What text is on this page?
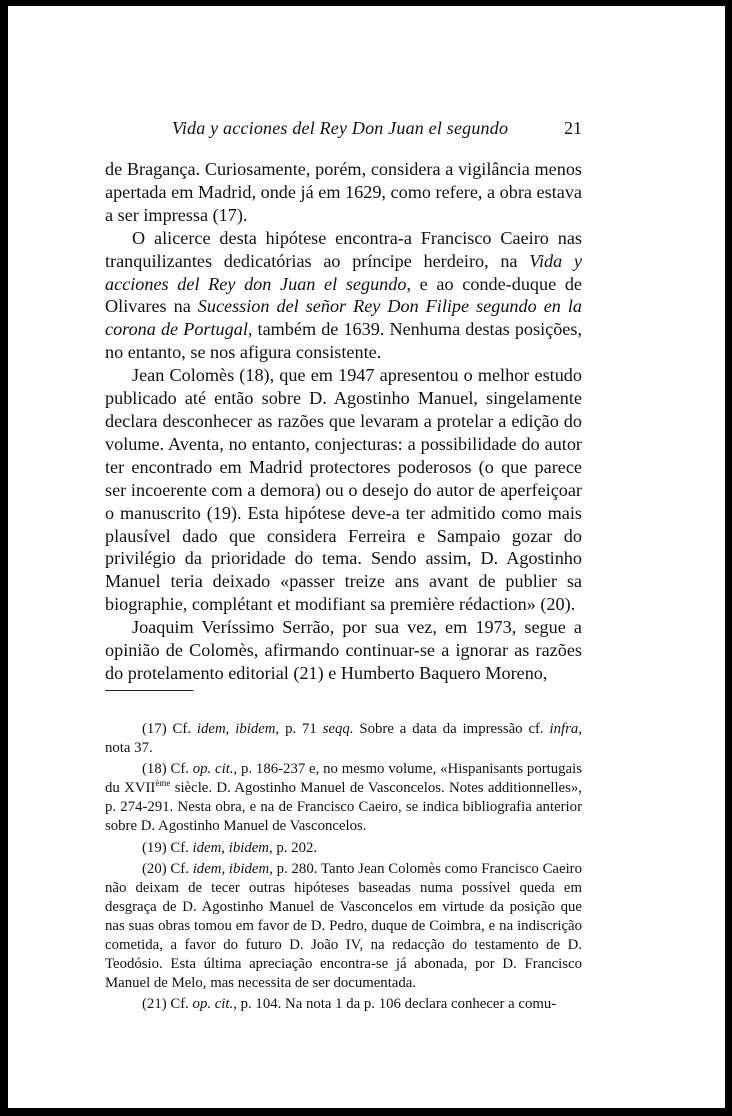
Vida y acciones del Rey Don Juan el segundo	21

de Bragança. Curiosamente, porém, considera a vigilância menos apertada em Madrid, onde já em 1629, como refere, a obra estava a ser impressa (17).

O alicerce desta hipótese encontra-a Francisco Caeiro nas tranquilizantes dedicatórias ao príncipe herdeiro, na Vida y acciones del Rey don Juan el segundo, e ao conde-duque de Olivares na Sucession del señor Rey Don Filipe segundo en la corona de Portugal, também de 1639. Nenhuma destas posições, no entanto, se nos afigura consistente.

Jean Colomès (18), que em 1947 apresentou o melhor estudo publicado até então sobre D. Agostinho Manuel, singelamente declara desconhecer as razões que levaram a protelar a edição do volume. Aventa, no entanto, conjecturas: a possibilidade do autor ter encontrado em Madrid protectores poderosos (o que parece ser incoerente com a demora) ou o desejo do autor de aperfeiçoar o manuscrito (19). Esta hipótese deve-a ter admitido como mais plausível dado que considera Ferreira e Sampaio gozar do privilégio da prioridade do tema. Sendo assim, D. Agostinho Manuel teria deixado «passer treize ans avant de publier sa biographie, complétant et modifiant sa première rédaction» (20).

Joaquim Veríssimo Serrão, por sua vez, em 1973, segue a opinião de Colomès, afirmando continuar-se a ignorar as razões do protelamento editorial (21) e Humberto Baquero Moreno,

(17) Cf. idem, ibidem, p. 71 seqq. Sobre a data da impressão cf. infra, nota 37.

(18) Cf. op. cit., p. 186-237 e, no mesmo volume, «Hispanisants portugais du XVIIème siècle. D. Agostinho Manuel de Vasconcelos. Notes additionnelles», p. 274-291. Nesta obra, e na de Francisco Caeiro, se indica bibliografia anterior sobre D. Agostinho Manuel de Vasconcelos.

(19) Cf. idem, ibidem, p. 202.

(20) Cf. idem, ibidem, p. 280. Tanto Jean Colomès como Francisco Caeiro não deixam de tecer outras hipóteses baseadas numa possível queda em desgraça de D. Agostinho Manuel de Vasconcelos em virtude da posição que nas suas obras tomou em favor de D. Pedro, duque de Coimbra, e na indiscrição cometida, a favor do futuro D. João IV, na redacção do testamento de D. Teodósio. Esta última apreciação encontra-se já abonada, por D. Francisco Manuel de Melo, mas necessita de ser documentada.

(21) Cf. op. cit., p. 104. Na nota 1 da p. 106 declara conhecer a comu-
